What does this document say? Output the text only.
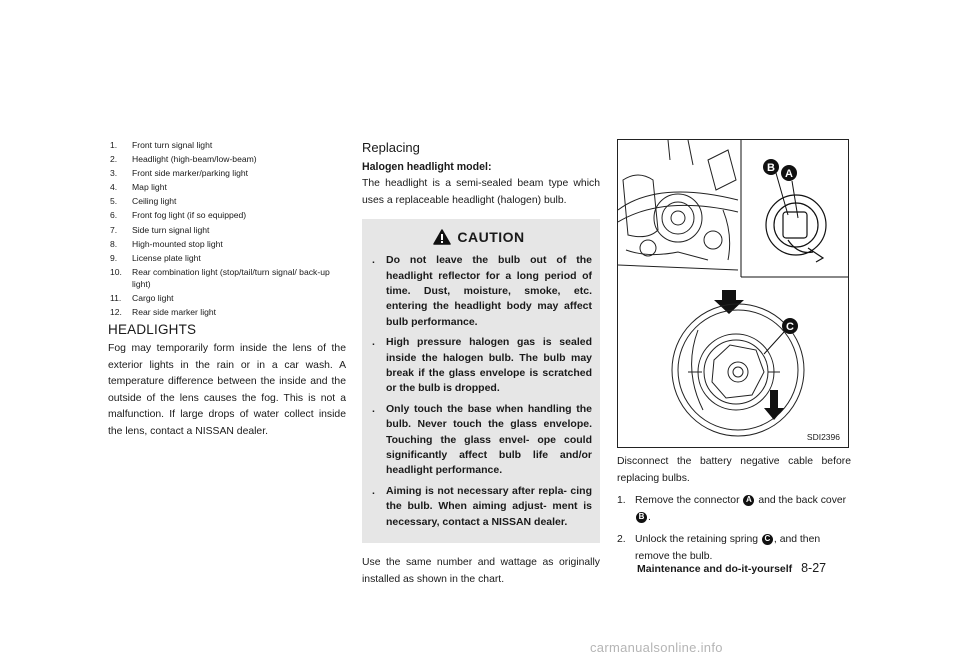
1. Front turn signal light
2. Headlight (high-beam/low-beam)
3. Front side marker/parking light
4. Map light
5. Ceiling light
6. Front fog light (if so equipped)
7. Side turn signal light
8. High-mounted stop light
9. License plate light
10. Rear combination light (stop/tail/turn signal/ back-up light)
11. Cargo light
12. Rear side marker light
HEADLIGHTS

Fog may temporarily form inside the lens of the exterior lights in the rain or in a car wash. A temperature difference between the inside and the outside of the lens causes the fog. This is not a malfunction. If large drops of water collect inside the lens, contact a NISSAN dealer.

Replacing
Halogen headlight model:

The headlight is a semi-sealed beam type which uses a replaceable headlight (halogen) bulb.

CAUTION
. Do not leave the bulb out of the headlight reflector for a long period of time. Dust, moisture, smoke, etc. entering the headlight body may affect bulb performance.
. High pressure halogen gas is sealed inside the halogen bulb. The bulb may break if the glass envelope is scratched or the bulb is dropped.
. Only touch the base when handling the bulb. Never touch the glass envelope. Touching the glass envel- ope could significantly affect bulb life and/or headlight performance.
. Aiming is not necessary after repla- cing the bulb. When aiming adjust- ment is necessary, contact a NISSAN dealer.

Use the same number and wattage as originally installed as shown in the chart.

B A
C
SDI2396

Disconnect the battery negative cable before replacing bulbs.

1. Remove the connector A and the back cover B .
2. Unlock the retaining spring C , and then remove the bulb.
Maintenance and do-it-yourself 8-27
carmanualsonline.info
